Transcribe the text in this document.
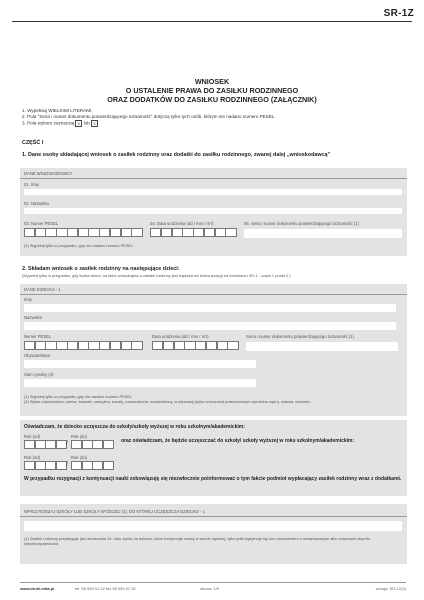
SR-1Z
WNIOSEK
O USTALENIE PRAWA DO ZASIŁKU RODZINNEGO
ORAZ DODATKÓW DO ZASIŁKU RODZINNEGO (ZAŁĄCZNIK)
1. Wypełniaj WIELKIMI LITERAMI.
2. Pola "Seria i numer dokumentu potwierdzającego tożsamość" dotyczą tylko tych osób, którym nie nadano numeru PESEL.
3. Pola wyboru zaznaczaj V lub X
CZĘŚĆ I
1. Dane osoby składającej wniosek o zasiłek rodzinny oraz dodatki do zasiłku rodzinnego, zwanej dalej „wnioskodawcą”
DANE WNIOSKODAWCY
01. Imię
02. Nazwisko
03. Numer PESEL	04. Data urodzenia (dd / mm / rrrr)	05. Seria i numer dokumentu potwierdzającego tożsamość (1)
(1) Wypełnij tylko w przypadku, gdy nie nadano numeru PESEL.
2. Składam wniosek o zasiłek rodzinny na następujące dzieci:
(Wypełnij tylko w przypadku, gdy liczba dzieci, na które wnioskujesz o zasiłek rodzinny jest większa niż liczba pozycji na formularzu SR-1 - część I, punkt 2.)
DANE DZIECKA - 1
Imię
Nazwisko
Numer PESEL	Data urodzenia (dd / mm / rrrr)	Seria i numer dokumentu potwierdzającego tożsamość (1)
Obywatelstwo
Stan cywilny (2)
(1) Wypełnij tylko w przypadku gdy nie nadano numeru PESEL
(2) Wpisz odpowiednio: panna, kawaler, zamężna, żonaty, rozwiedziona, rozwiedziony, w separacji (tylko orzeczonej prawomocnym wyrokiem sądu), wdowa, wdowiec.
Oświadczam, że dziecko uczęszcza do szkoły/szkoły wyższej w roku szkolnym/akademickim:
Rok (od)	Rok (do)
/	oraz oświadczam, że będzie uczęszczać do szkoły/ szkoły wyższej w roku szkolnym/akademickim:
Rok (od)	Rok (do)
/
W przypadku rezygnacji z kontynuacji nauki zobowiązuję się niezwłocznie poinformować o tym fakcie podmiot wypłacający zasiłek rodzinny wraz z dodatkami.
WPISZ RODZAJ SZKOŁY LUB SZKOŁY WYŻSZEJ (1), DO KTÓREJ UCZĘSZCZA DZIECKO - 1
(1) Zasiłek rodzinny przysługuje (do ukończenia 24. roku życia) na dziecko, które kontynuuje naukę w szkole wyższej, tylko jeśli legitymuje się ono orzeczeniem o umiarkowanym albo znacznym stopniu niepełnosprawności.
www.druki-mita.pl	tel. 58 559 01 52 fax 58 559 01 30	strona: 1/8	wersja: SR-1Z(3)
